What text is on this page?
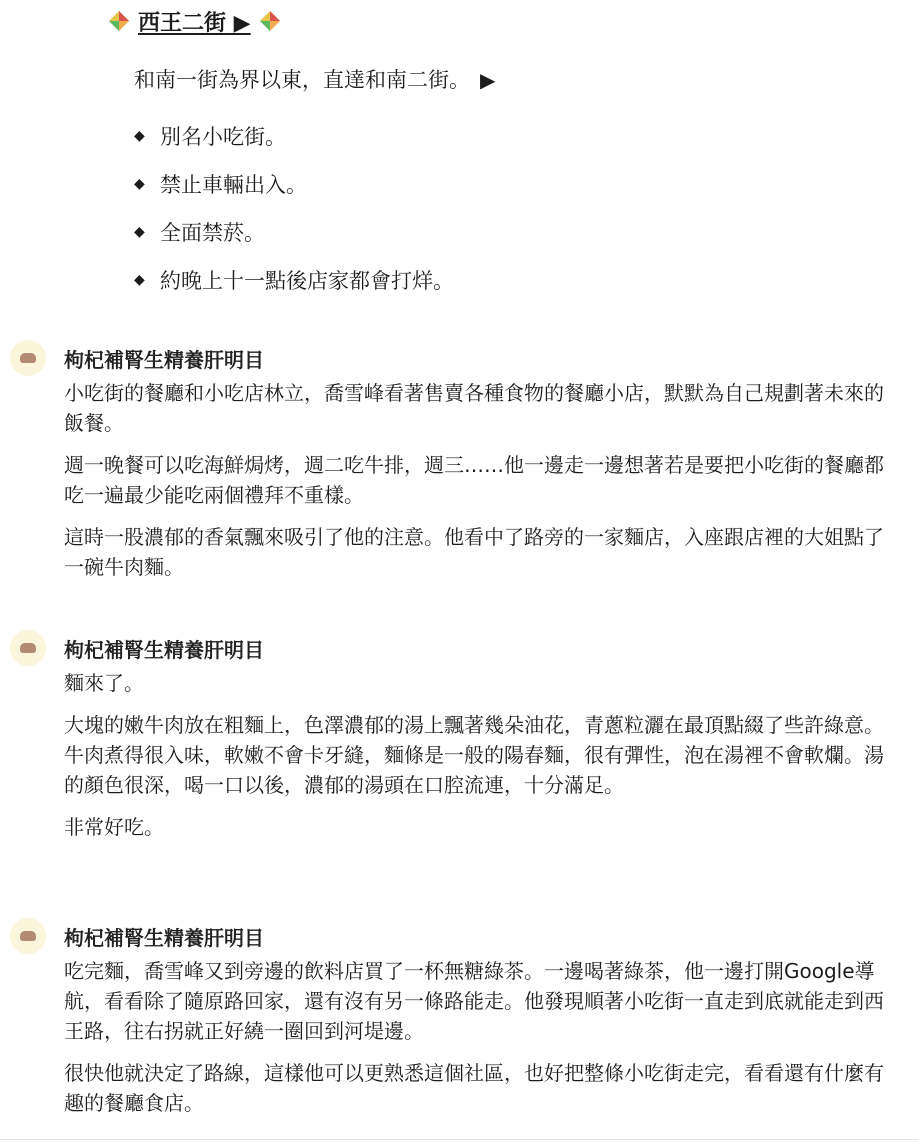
西王二街 ▶

和南一街為界以東，直達和南二街。 ▶

◆ 別名小吃街。
◆ 禁止車輛出入。
◆ 全面禁菸。
◆ 約晚上十一點後店家都會打烊。
枸杞補腎生精養肝明目

小吃街的餐廳和小吃店林立，喬雪峰看著售賣各種食物的餐廳小店，默默為自己規劃著未來的飯餐。

週一晚餐可以吃海鮮焗烤，週二吃牛排，週三……他一邊走一邊想著若是要把小吃街的餐廳都吃一遍最少能吃兩個禮拜不重樣。

這時一股濃郁的香氣飄來吸引了他的注意。他看中了路旁的一家麵店，入座跟店裡的大姐點了一碗牛肉麵。

枸杞補腎生精養肝明目

麵來了。

大塊的嫩牛肉放在粗麵上，色澤濃郁的湯上飄著幾朵油花，青蔥粒灑在最頂點綴了些許綠意。牛肉煮得很入味，軟嫩不會卡牙縫，麵條是一般的陽春麵，很有彈性，泡在湯裡不會軟爛。湯的顏色很深，喝一口以後，濃郁的湯頭在口腔流連，十分滿足。

非常好吃。

枸杞補腎生精養肝明目

吃完麵，喬雪峰又到旁邊的飲料店買了一杯無糖綠茶。一邊喝著綠茶，他一邊打開Google導航，看看除了隨原路回家，還有沒有另一條路能走。他發現順著小吃街一直走到底就能走到西王路，往右拐就正好繞一圈回到河堤邊。

很快他就決定了路線，這樣他可以更熟悉這個社區，也好把整條小吃街走完，看看還有什麼有趣的餐廳食店。
